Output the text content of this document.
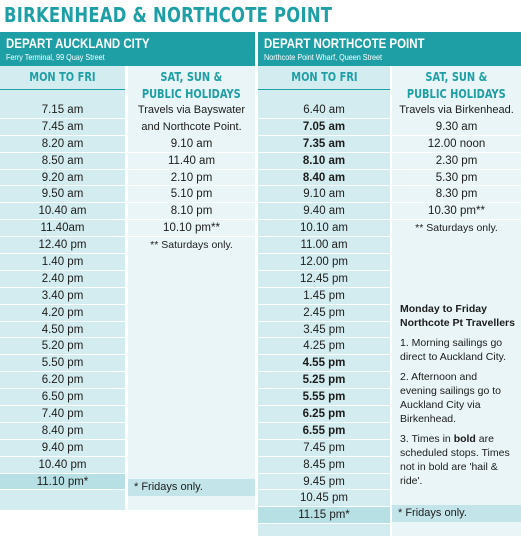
BIRKENHEAD & NORTHCOTE POINT
DEPART AUCKLAND CITY
Ferry Terminal, 99 Quay Street
MON TO FRI
7.15 am
7.45 am
8.20 am
8.50 am
9.20 am
9.50 am
10.40 am
11.40am
12.40 pm
1.40 pm
2.40 pm
3.40 pm
4.20 pm
4.50 pm
5.20 pm
5.50 pm
6.20 pm
6.50 pm
7.40 pm
8.40 pm
9.40 pm
10.40 pm
11.10 pm*
SAT, SUN &
PUBLIC HOLIDAYS
Travels via Bayswater
and Northcote Point.
9.10 am
11.40 am
2.10 pm
5.10 pm
8.10 pm
10.10 pm**
** Saturdays only.
* Fridays only.
DEPART NORTHCOTE POINT
Northcote Point Wharf, Queen Street
MON TO FRI
6.40 am
7.05 am
7.35 am
8.10 am
8.40 am
9.10 am
9.40 am
10.10 am
11.00 am
12.00 pm
12.45 pm
1.45 pm
2.45 pm
3.45 pm
4.25 pm
4.55 pm
5.25 pm
5.55 pm
6.25 pm
6.55 pm
7.45 pm
8.45 pm
9.45 pm
10.45 pm
11.15 pm*
SAT, SUN &
PUBLIC HOLIDAYS
Travels via Birkenhead.
9.30 am
12.00 noon
2.30 pm
5.30 pm
8.30 pm
10.30 pm**
** Saturdays only.

Monday to Friday
Northcote Pt Travellers

1. Morning sailings go direct to Auckland City.

2. Afternoon and evening sailings go to Auckland City via Birkenhead.

3. Times in bold are scheduled stops. Times not in bold are 'hail & ride'.

* Fridays only.
